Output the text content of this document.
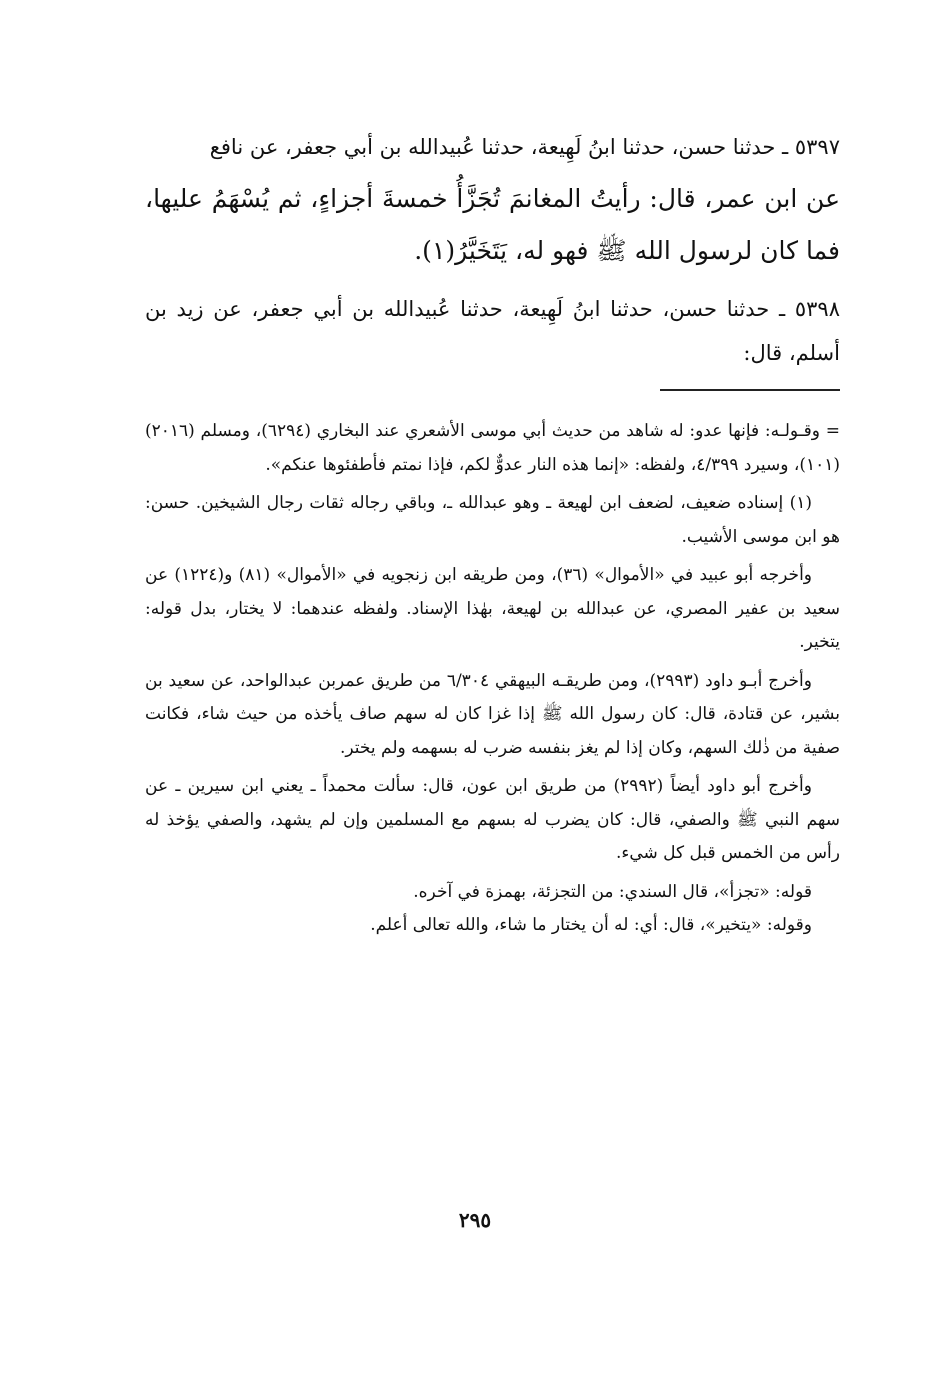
٥٣٩٧ ـ حدثنا حسن، حدثنا ابنُ لَهِيعة، حدثنا عُبيدالله بن أبي جعفر، عن نافع

عن ابن عمر، قال: رأيتُ المغانمَ تُجَزَّأُ خمسةَ أجزاءٍ، ثم يُسْهَمُ عليها، فما كان لرسول الله ﷺ فهو له، يَتَخَيَّرُ(١).

٥٣٩٨ ـ حدثنا حسن، حدثنا ابنُ لَهِيعة، حدثنا عُبيدالله بن أبي جعفر، عن زيد بن أسلم، قال:

= وقـولـه: فإنها عدو: له شاهد من حديث أبي موسى الأشعري عند البخاري (٦٢٩٤)، ومسلم (٢٠١٦) (١٠١)، وسيرد ٤/٣٩٩، ولفظه: «إنما هذه النار عدوٌّ لكم، فإذا نمتم فأطفئوها عنكم».

(١) إسناده ضعيف، لضعف ابن لهيعة ـ وهو عبدالله ـ، وباقي رجاله ثقات رجال الشيخين. حسن: هو ابن موسى الأشيب.

وأخرجه أبو عبيد في «الأموال» (٣٦)، ومن طريقه ابن زنجويه في «الأموال» (٨١) و(١٢٢٤) عن سعيد بن عفير المصري، عن عبدالله بن لهيعة، بهٰذا الإسناد. ولفظه عندهما: لا يختار، بدل قوله: يتخير.

وأخرج أبـو داود (٢٩٩٣)، ومن طريقـه البيهقي ٦/٣٠٤ من طريق عمربن عبدالواحد، عن سعيد بن بشير، عن قتادة، قال: كان رسول الله ﷺ إذا غزا كان له سهم صاف يأخذه من حيث شاء، فكانت صفية من ذٰلك السهم، وكان إذا لم يغز بنفسه ضرب له بسهمه ولم يختر.

وأخرج أبو داود أيضاً (٢٩٩٢) من طريق ابن عون، قال: سألت محمداً ـ يعني ابن سيرين ـ عن سهم النبي ﷺ والصفي، قال: كان يضرب له بسهم مع المسلمين وإن لم يشهد، والصفي يؤخذ له رأس من الخمس قبل كل شيء.

قوله: «تجزأ»، قال السندي: من التجزئة، بهمزة في آخره.

وقوله: «يتخير»، قال: أي: له أن يختار ما شاء، والله تعالى أعلم.

٢٩٥
